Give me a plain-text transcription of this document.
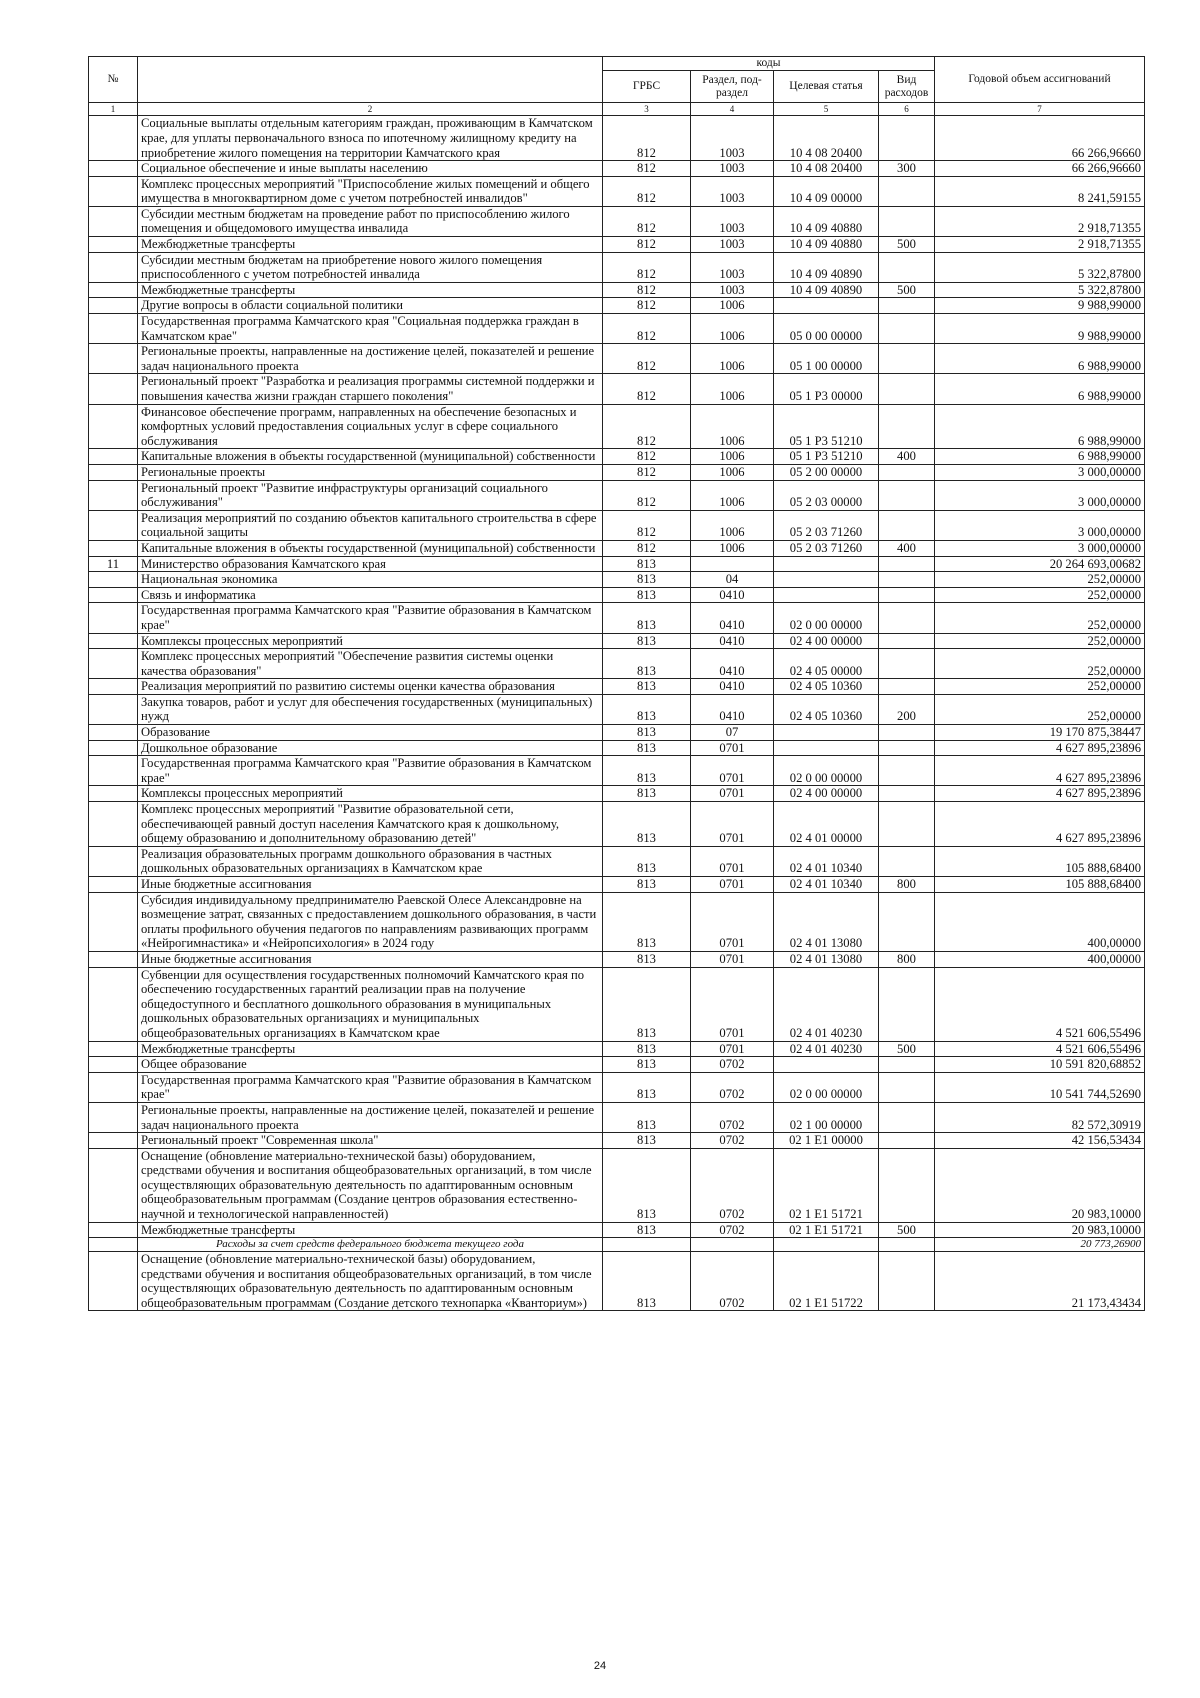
№		коды				Годовой объем ассигнований
		ГРБС	Раздел, под-раздел	Целевая статья	Вид расходов	
1	2	3	4	5	6	7
	Социальные выплаты отдельным категориям граждан, проживающим в Камчатском крае, для уплаты первоначального взноса по ипотечному жилищному кредиту на приобретение жилого помещения на территории Камчатского края	812	1003	10 4 08 20400		66 266,96660
	Социальное обеспечение и иные выплаты населению	812	1003	10 4 08 20400	300	66 266,96660
	Комплекс процессных мероприятий "Приспособление жилых помещений и общего имущества в многоквартирном доме с учетом потребностей инвалидов"	812	1003	10 4 09 00000		8 241,59155
	Субсидии местным бюджетам на проведение работ по приспособлению жилого помещения и общедомового имущества инвалида	812	1003	10 4 09 40880		2 918,71355
	Межбюджетные трансферты	812	1003	10 4 09 40880	500	2 918,71355
	Субсидии местным бюджетам на приобретение нового жилого помещения приспособленного с учетом потребностей инвалида	812	1003	10 4 09 40890		5 322,87800
	Межбюджетные трансферты	812	1003	10 4 09 40890	500	5 322,87800
	Другие вопросы в области социальной политики	812	1006			9 988,99000
	Государственная программа Камчатского края "Социальная поддержка граждан в Камчатском крае"	812	1006	05 0 00 00000		9 988,99000
	Региональные проекты, направленные на достижение целей, показателей и решение задач национального проекта	812	1006	05 1 00 00000		6 988,99000
	Региональный проект "Разработка и реализация программы системной поддержки и повышения качества жизни граждан старшего поколения"	812	1006	05 1 P3 00000		6 988,99000
	Финансовое обеспечение программ, направленных на обеспечение безопасных и комфортных условий предоставления социальных услуг в сфере социального обслуживания	812	1006	05 1 P3 51210		6 988,99000
	Капитальные вложения в объекты государственной (муниципальной) собственности	812	1006	05 1 P3 51210	400	6 988,99000
	Региональные проекты	812	1006	05 2 00 00000		3 000,00000
	Региональный проект "Развитие инфраструктуры организаций социального обслуживания"	812	1006	05 2 03 00000		3 000,00000
	Реализация мероприятий по созданию объектов капитального строительства в сфере социальной защиты	812	1006	05 2 03 71260		3 000,00000
	Капитальные вложения в объекты государственной (муниципальной) собственности	812	1006	05 2 03 71260	400	3 000,00000
11	Министерство образования Камчатского края	813				20 264 693,00682
	Национальная экономика	813	04			252,00000
	Связь и информатика	813	0410			252,00000
	Государственная программа Камчатского края "Развитие образования в Камчатском крае"	813	0410	02 0 00 00000		252,00000
	Комплексы процессных мероприятий	813	0410	02 4 00 00000		252,00000
	Комплекс процессных мероприятий "Обеспечение развития системы оценки качества образования"	813	0410	02 4 05 00000		252,00000
	Реализация мероприятий по развитию системы оценки качества образования	813	0410	02 4 05 10360		252,00000
	Закупка товаров, работ и услуг для обеспечения государственных (муниципальных) нужд	813	0410	02 4 05 10360	200	252,00000
	Образование	813	07			19 170 875,38447
	Дошкольное образование	813	0701			4 627 895,23896
	Государственная программа Камчатского края "Развитие образования в Камчатском крае"	813	0701	02 0 00 00000		4 627 895,23896
	Комплексы процессных мероприятий	813	0701	02 4 00 00000		4 627 895,23896
	Комплекс процессных мероприятий "Развитие образовательной сети, обеспечивающей равный доступ населения Камчатского края к дошкольному, общему образованию и дополнительному образованию детей"	813	0701	02 4 01 00000		4 627 895,23896
	Реализация образовательных программ дошкольного образования в частных дошкольных образовательных организациях в Камчатском крае	813	0701	02 4 01 10340		105 888,68400
	Иные бюджетные ассигнования	813	0701	02 4 01 10340	800	105 888,68400
	Субсидия индивидуальному предпринимателю Раевской Олесе Александровне на возмещение затрат, связанных с предоставлением дошкольного образования, в части оплаты профильного обучения педагогов по направлениям развивающих программ «Нейрогимнастика» и «Нейропсихология» в 2024 году	813	0701	02 4 01 13080		400,00000
	Иные бюджетные ассигнования	813	0701	02 4 01 13080	800	400,00000
	Субвенции для осуществления государственных полномочий Камчатского края по обеспечению государственных гарантий реализации прав на получение общедоступного и бесплатного дошкольного образования в муниципальных дошкольных образовательных организациях и муниципальных общеобразовательных организациях в Камчатском крае	813	0701	02 4 01 40230		4 521 606,55496
	Межбюджетные трансферты	813	0701	02 4 01 40230	500	4 521 606,55496
	Общее образование	813	0702			10 591 820,68852
	Государственная программа Камчатского края "Развитие образования в Камчатском крае"	813	0702	02 0 00 00000		10 541 744,52690
	Региональные проекты, направленные на достижение целей, показателей и решение задач национального проекта	813	0702	02 1 00 00000		82 572,30919
	Региональный проект "Современная школа"	813	0702	02 1 E1 00000		42 156,53434
	Оснащение (обновление материально-технической базы) оборудованием, средствами обучения и воспитания общеобразовательных организаций, в том числе осуществляющих образовательную деятельность по адаптированным основным общеобразовательным программам (Создание центров образования естественно-научной и технологической направленностей)	813	0702	02 1 E1 51721		20 983,10000
	Межбюджетные трансферты	813	0702	02 1 E1 51721	500	20 983,10000
	Расходы за счет средств федерального бюджета текущего года					20 773,26900
	Оснащение (обновление материально-технической базы) оборудованием, средствами обучения и воспитания общеобразовательных организаций, в том числе осуществляющих образовательную деятельность по адаптированным основным общеобразовательным программам (Создание детского технопарка «Кванториум»)	813	0702	02 1 E1 51722		21 173,43434
24
